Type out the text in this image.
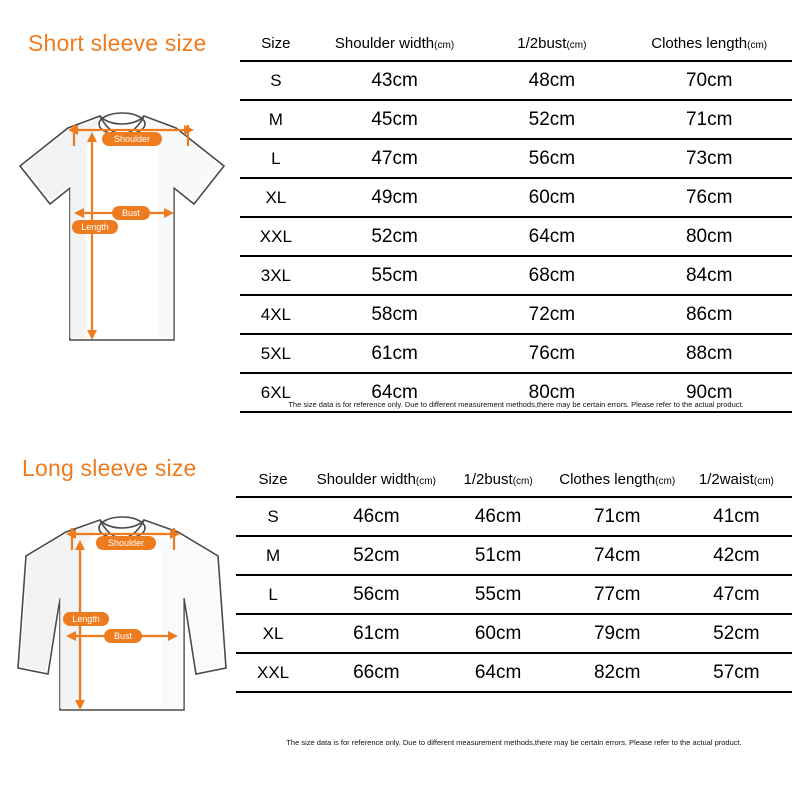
Short sleeve size
Shoulder
Bust
Length
Size	Shoulder width(cm)	1/2bust(cm)	Clothes length(cm)
S	43cm	48cm	70cm
M	45cm	52cm	71cm
L	47cm	56cm	73cm
XL	49cm	60cm	76cm
XXL	52cm	64cm	80cm
3XL	55cm	68cm	84cm
4XL	58cm	72cm	86cm
5XL	61cm	76cm	88cm
6XL	64cm	80cm	90cm
The size data is for reference only. Due to different measurement methods,there may be certain errors. Please refer to the actual product.
Long sleeve size
Shoulder
Length
Bust
Size	Shoulder width(cm)	1/2bust(cm)	Clothes length(cm)	1/2waist(cm)
S	46cm	46cm	71cm	41cm
M	52cm	51cm	74cm	42cm
L	56cm	55cm	77cm	47cm
XL	61cm	60cm	79cm	52cm
XXL	66cm	64cm	82cm	57cm
The size data is for reference only. Due to different measurement methods,there may be certain errors. Please refer to the actual product.
